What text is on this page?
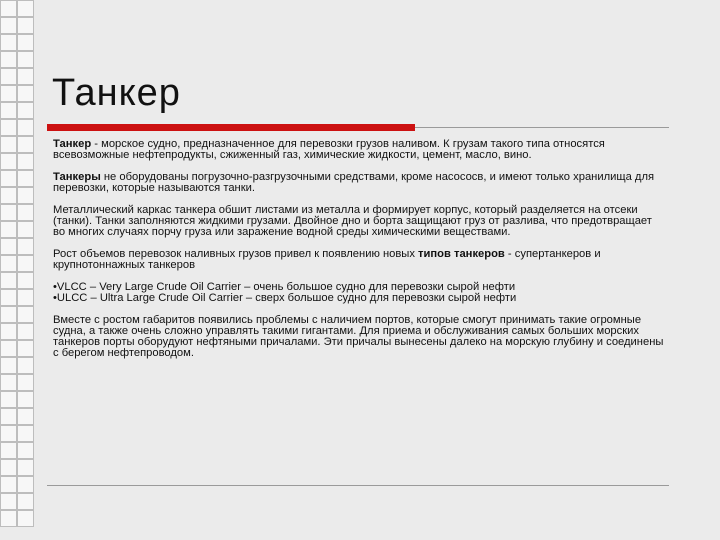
Танкер

Танкер - морское судно, предназначенное для перевозки грузов наливом. К грузам такого типа относятся всевозможные нефтепродукты, сжиженный газ, химические жидкости, цемент, масло, вино.

Танкеры не оборудованы погрузочно-разгрузочными средствами, кроме насососв, и имеют только хранилища для перевозки, которые называются танки.

Металлический каркас танкера обшит листами из металла и формирует корпус, который разделяется на отсеки (танки). Танки заполняются жидкими грузами. Двойное дно и борта защищают груз от разлива, что предотвращает во многих случаях порчу груза или заражение водной среды химическими веществами.

Рост объемов перевозок наливных грузов привел к появлению новых типов танкеров - супертанкеров и крупнотоннажных танкеров

•VLCC – Very Large Crude Oil Carrier – очень большое судно для перевозки сырой нефти

•ULCC – Ultra Large Crude Oil Carrier – сверх большое судно для перевозки сырой нефти

Вместе с ростом габаритов появились проблемы с наличием портов, которые смогут принимать такие огромные судна, а также очень сложно управлять такими гигантами. Для приема и обслуживания самых больших морских танкеров порты оборудуют нефтяными причалами. Эти причалы вынесены далеко на морскую глубину и соединены с берегом нефтепроводом.
